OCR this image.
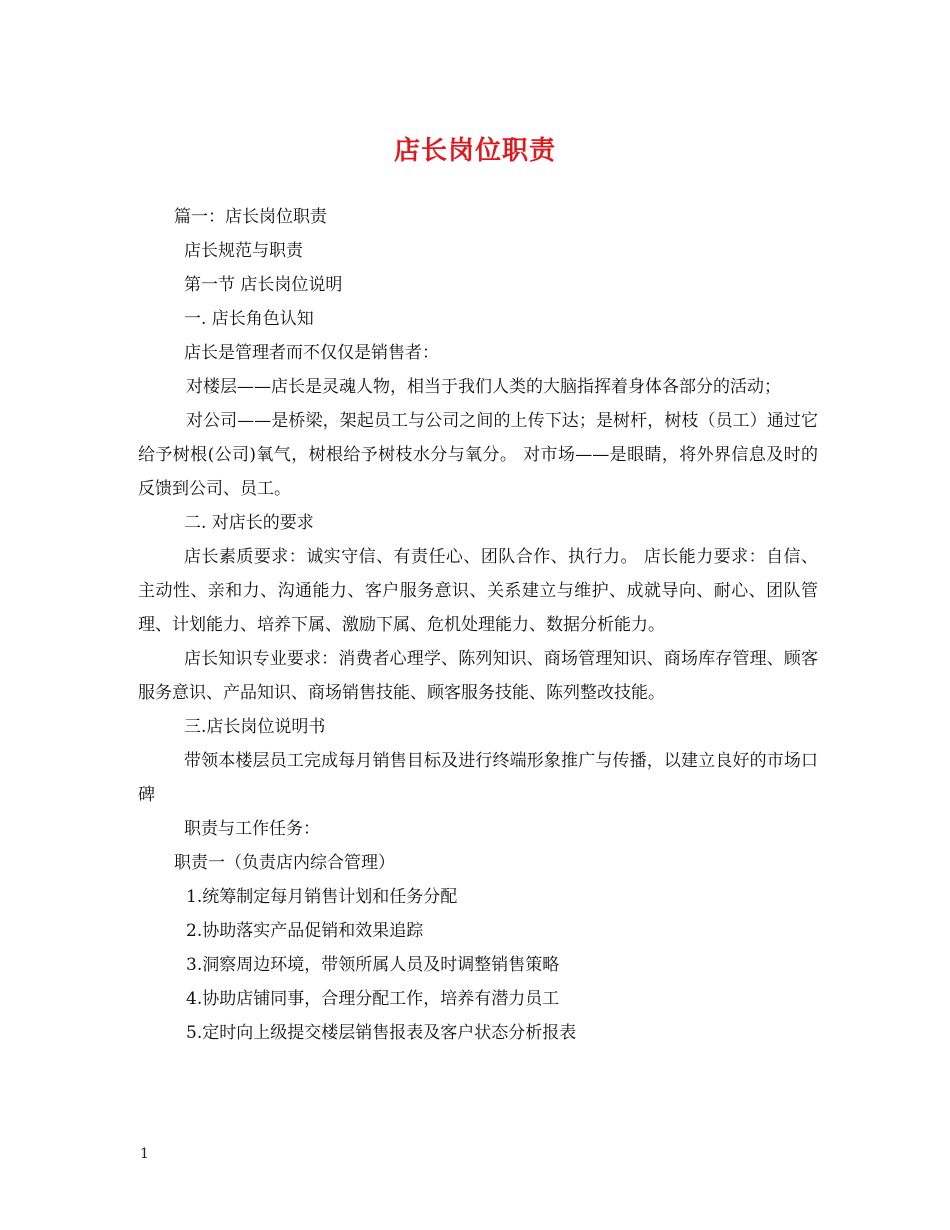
店长岗位职责

篇一：店长岗位职责

店长规范与职责

第一节 店长岗位说明

一. 店长角色认知

店长是管理者而不仅仅是销售者：

对楼层——店长是灵魂人物，相当于我们人类的大脑指挥着身体各部分的活动；

对公司——是桥梁，架起员工与公司之间的上传下达；是树杆，树枝（员工）通过它给予树根(公司)氧气，树根给予树枝水分与氧分。 对市场——是眼睛，将外界信息及时的反馈到公司、员工。

二. 对店长的要求

店长素质要求：诚实守信、有责任心、团队合作、执行力。 店长能力要求：自信、主动性、亲和力、沟通能力、客户服务意识、关系建立与维护、成就导向、耐心、团队管理、计划能力、培养下属、激励下属、危机处理能力、数据分析能力。

店长知识专业要求：消费者心理学、陈列知识、商场管理知识、商场库存管理、顾客服务意识、产品知识、商场销售技能、顾客服务技能、陈列整改技能。

三.店长岗位说明书

带领本楼层员工完成每月销售目标及进行终端形象推广与传播，以建立良好的市场口碑

职责与工作任务：

职责一（负责店内综合管理）

1.统筹制定每月销售计划和任务分配

2.协助落实产品促销和效果追踪

3.洞察周边环境，带领所属人员及时调整销售策略

4.协助店铺同事，合理分配工作，培养有潜力员工

5.定时向上级提交楼层销售报表及客户状态分析报表

1
